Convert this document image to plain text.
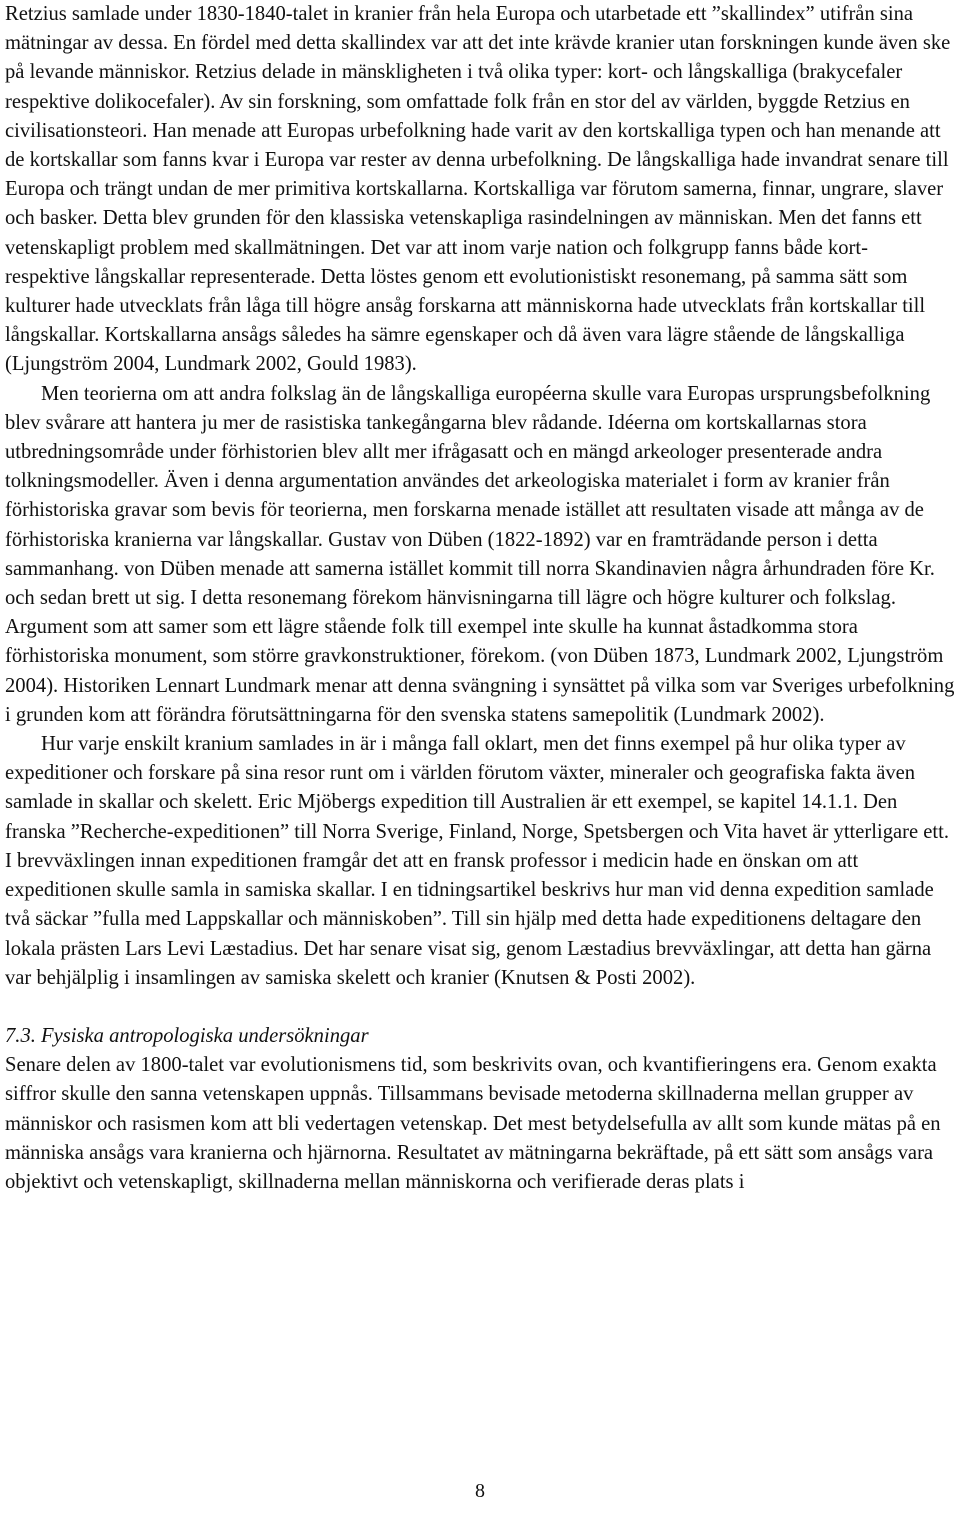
Retzius samlade under 1830-1840-talet in kranier från hela Europa och utarbetade ett ”skallindex” utifrån sina mätningar av dessa. En fördel med detta skallindex var att det inte krävde kranier utan forskningen kunde även ske på levande människor. Retzius delade in mänskligheten i två olika typer: kort- och långskalliga (brakycefaler respektive dolikocefaler). Av sin forskning, som omfattade folk från en stor del av världen, byggde Retzius en civilisationsteori. Han menade att Europas urbefolkning hade varit av den kortskalliga typen och han menande att de kortskallar som fanns kvar i Europa var rester av denna urbefolkning. De långskalliga hade invandrat senare till Europa och trängt undan de mer primitiva kortskallarna. Kortskalliga var förutom samerna, finnar, ungrare, slaver och basker. Detta blev grunden för den klassiska vetenskapliga rasindelningen av människan. Men det fanns ett vetenskapligt problem med skallmätningen. Det var att inom varje nation och folkgrupp fanns både kort- respektive långskallar representerade. Detta löstes genom ett evolutionistiskt resonemang, på samma sätt som kulturer hade utvecklats från låga till högre ansåg forskarna att människorna hade utvecklats från kortskallar till långskallar. Kortskallarna ansågs således ha sämre egenskaper och då även vara lägre stående de långskalliga (Ljungström 2004, Lundmark 2002, Gould 1983).

Men teorierna om att andra folkslag än de långskalliga européerna skulle vara Europas ursprungsbefolkning blev svårare att hantera ju mer de rasistiska tankegångarna blev rådande. Idéerna om kortskallarnas stora utbredningsområde under förhistorien blev allt mer ifrågasatt och en mängd arkeologer presenterade andra tolkningsmodeller. Även i denna argumentation användes det arkeologiska materialet i form av kranier från förhistoriska gravar som bevis för teorierna, men forskarna menade istället att resultaten visade att många av de förhistoriska kranierna var långskallar. Gustav von Düben (1822-1892) var en framträdande person i detta sammanhang. von Düben menade att samerna istället kommit till norra Skandinavien några århundraden före Kr. och sedan brett ut sig. I detta resonemang förekom hänvisningarna till lägre och högre kulturer och folkslag. Argument som att samer som ett lägre stående folk till exempel inte skulle ha kunnat åstadkomma stora förhistoriska monument, som större gravkonstruktioner, förekom. (von Düben 1873, Lundmark 2002, Ljungström 2004). Historiken Lennart Lundmark menar att denna svängning i synsättet på vilka som var Sveriges urbefolkning i grunden kom att förändra förutsättningarna för den svenska statens samepolitik (Lundmark 2002).

Hur varje enskilt kranium samlades in är i många fall oklart, men det finns exempel på hur olika typer av expeditioner och forskare på sina resor runt om i världen förutom växter, mineraler och geografiska fakta även samlade in skallar och skelett. Eric Mjöbergs expedition till Australien är ett exempel, se kapitel 14.1.1. Den franska ”Recherche-expeditionen” till Norra Sverige, Finland, Norge, Spetsbergen och Vita havet är ytterligare ett. I brevväxlingen innan expeditionen framgår det att en fransk professor i medicin hade en önskan om att expeditionen skulle samla in samiska skallar. I en tidningsartikel beskrivs hur man vid denna expedition samlade två säckar ”fulla med Lappskallar och människoben”. Till sin hjälp med detta hade expeditionens deltagare den lokala prästen Lars Levi Læstadius. Det har senare visat sig, genom Læstadius brevväxlingar, att detta han gärna var behjälplig i insamlingen av samiska skelett och kranier (Knutsen & Posti 2002).

7.3. Fysiska antropologiska undersökningar

Senare delen av 1800-talet var evolutionismens tid, som beskrivits ovan, och kvantifieringens era. Genom exakta siffror skulle den sanna vetenskapen uppnås. Tillsammans bevisade metoderna skillnaderna mellan grupper av människor och rasismen kom att bli vedertagen vetenskap. Det mest betydelsefulla av allt som kunde mätas på en människa ansågs vara kranierna och hjärnorna. Resultatet av mätningarna bekräftade, på ett sätt som ansågs vara objektivt och vetenskapligt, skillnaderna mellan människorna och verifierade deras plats i

8
